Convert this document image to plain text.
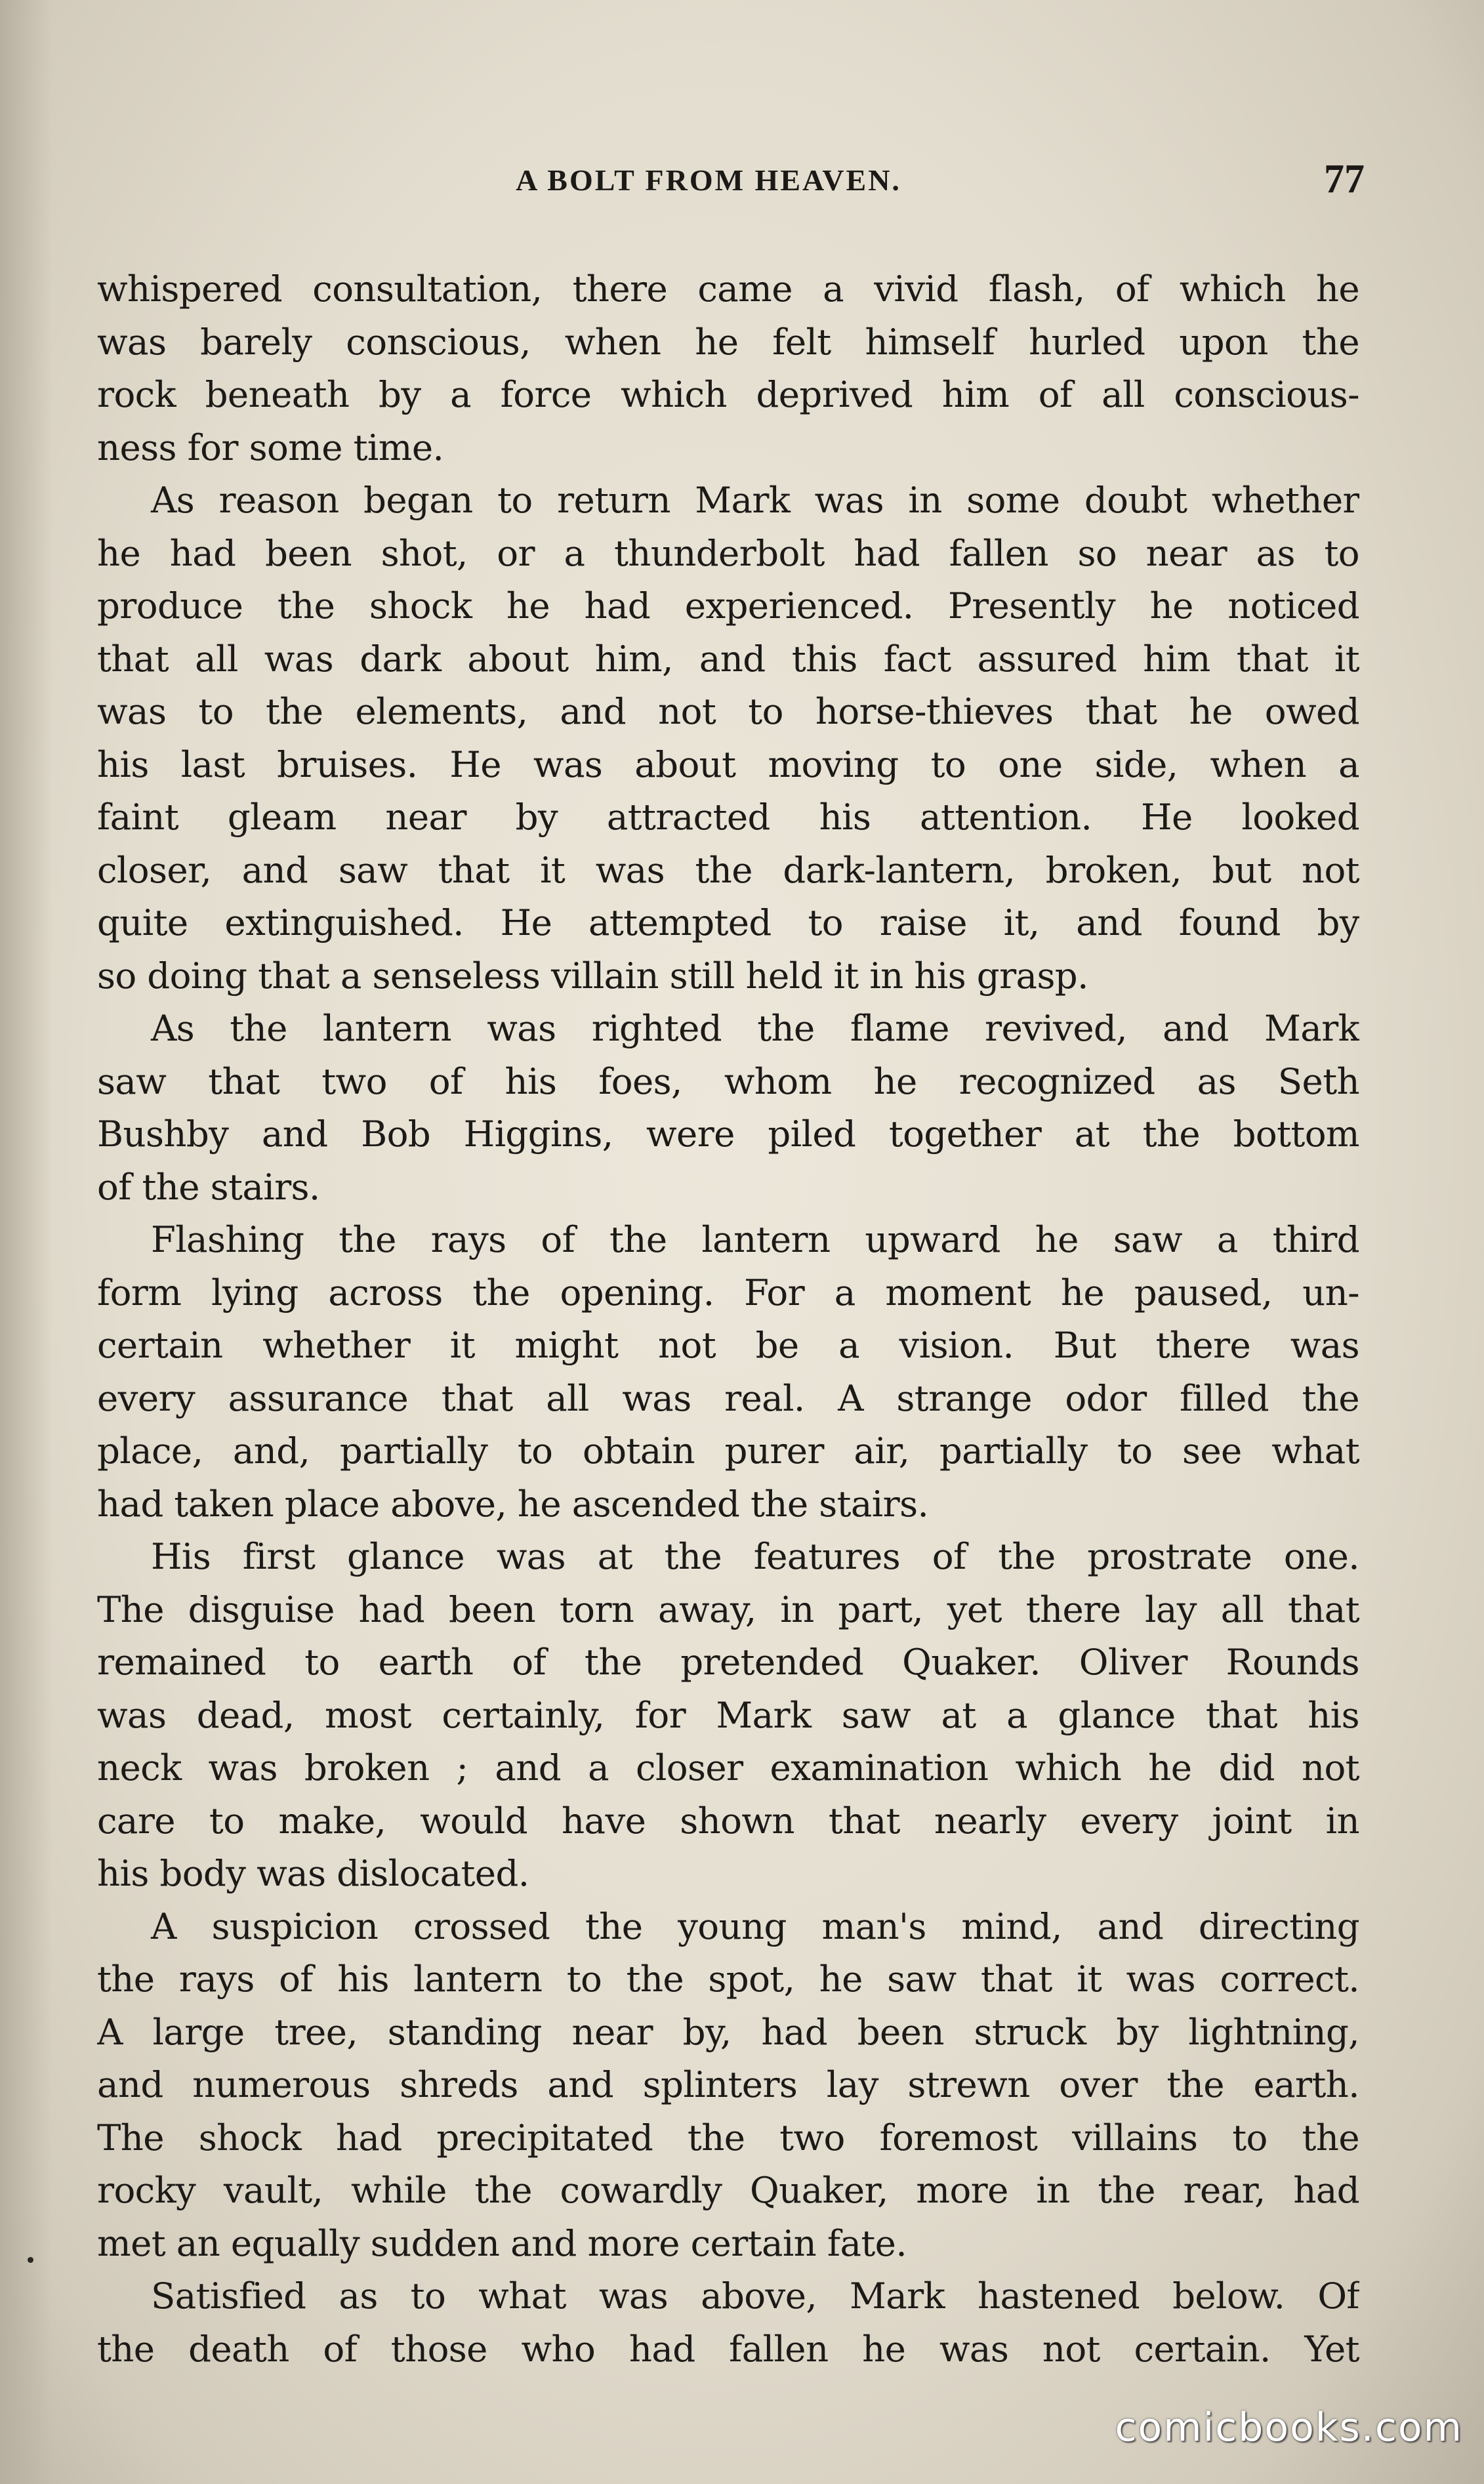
A BOLT FROM HEAVEN.	77
whispered consultation, there came a vivid flash, of which he
was barely conscious, when he felt himself hurled upon the
rock beneath by a force which deprived him of all conscious-
ness for some time.
As reason began to return Mark was in some doubt whether
he had been shot, or a thunderbolt had fallen so near as to
produce the shock he had experienced. Presently he noticed
that all was dark about him, and this fact assured him that it
was to the elements, and not to horse-thieves that he owed
his last bruises. He was about moving to one side, when a
faint gleam near by attracted his attention. He looked
closer, and saw that it was the dark-lantern, broken, but not
quite extinguished. He attempted to raise it, and found by
so doing that a senseless villain still held it in his grasp.
As the lantern was righted the flame revived, and Mark
saw that two of his foes, whom he recognized as Seth
Bushby and Bob Higgins, were piled together at the bottom
of the stairs.
Flashing the rays of the lantern upward he saw a third
form lying across the opening. For a moment he paused, un-
certain whether it might not be a vision. But there was
every assurance that all was real. A strange odor filled the
place, and, partially to obtain purer air, partially to see what
had taken place above, he ascended the stairs.
His first glance was at the features of the prostrate one.
The disguise had been torn away, in part, yet there lay all that
remained to earth of the pretended Quaker. Oliver Rounds
was dead, most certainly, for Mark saw at a glance that his
neck was broken ; and a closer examination which he did not
care to make, would have shown that nearly every joint in
his body was dislocated.
A suspicion crossed the young man's mind, and directing
the rays of his lantern to the spot, he saw that it was correct.
A large tree, standing near by, had been struck by lightning,
and numerous shreds and splinters lay strewn over the earth.
The shock had precipitated the two foremost villains to the
rocky vault, while the cowardly Quaker, more in the rear, had
met an equally sudden and more certain fate.
Satisfied as to what was above, Mark hastened below. Of
the death of those who had fallen he was not certain. Yet
comicbooks.com
